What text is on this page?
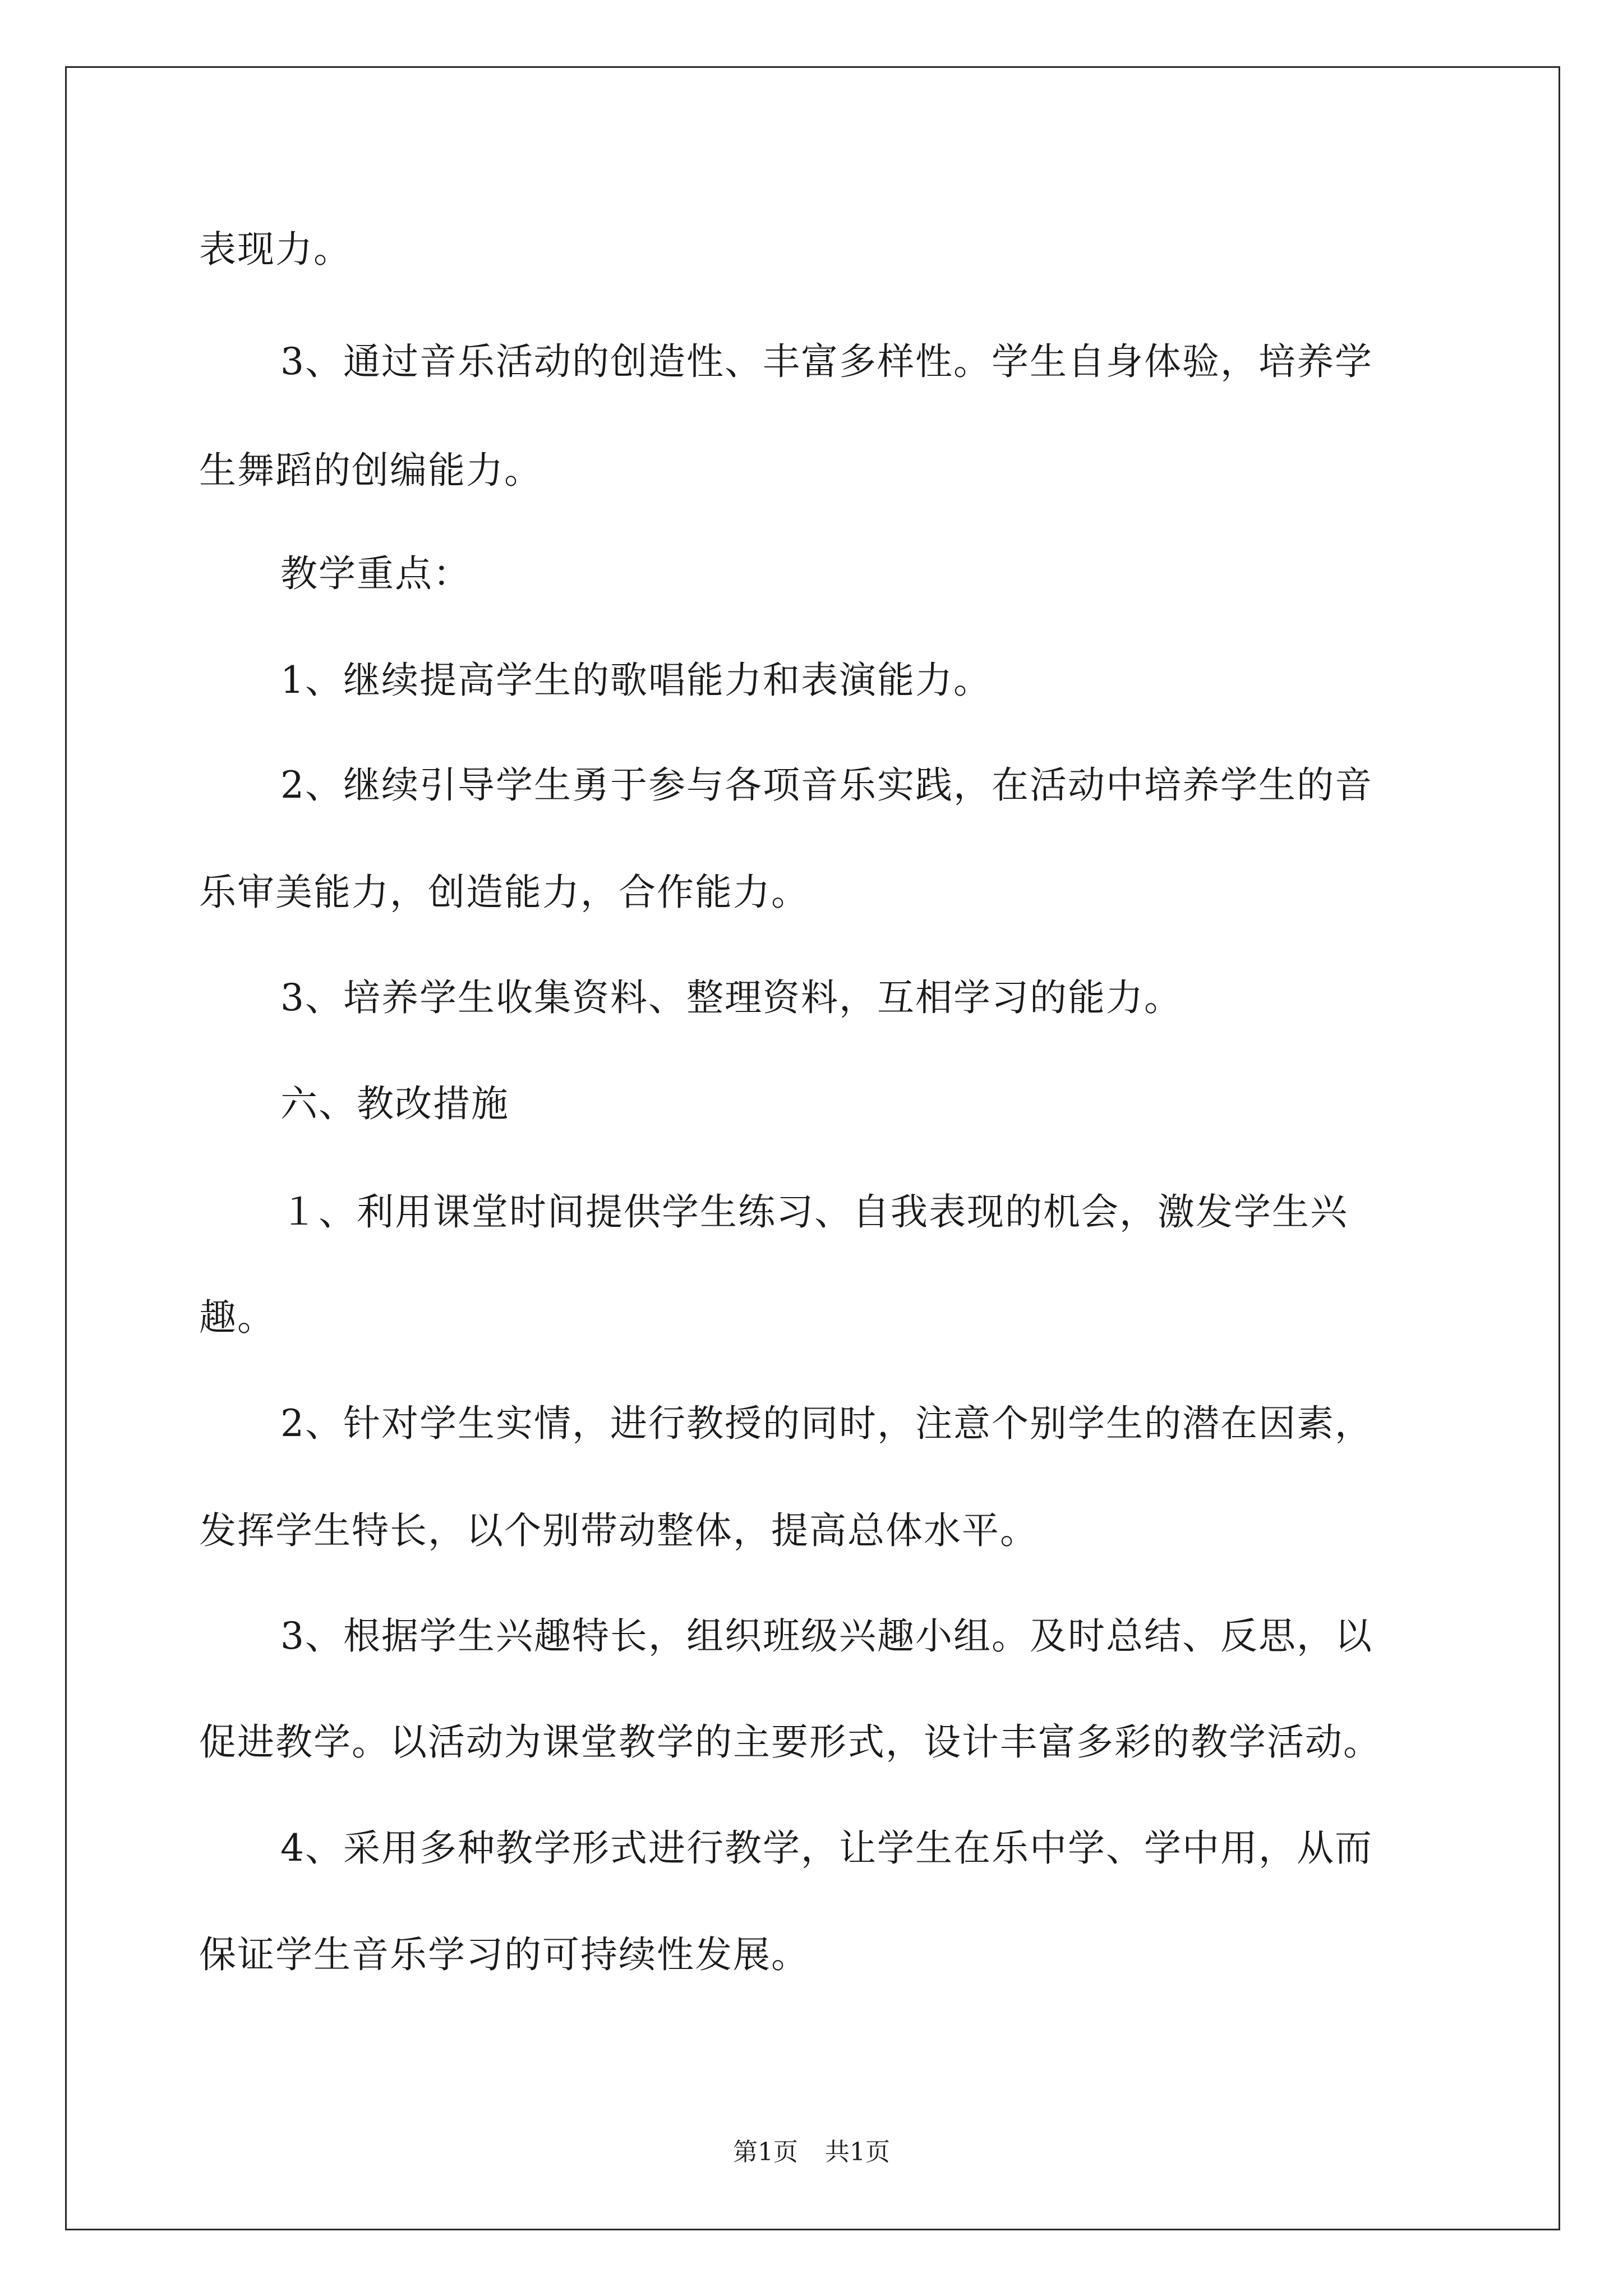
表现力。
3、通过音乐活动的创造性、丰富多样性。学生自身体验，培养学
生舞蹈的创编能力。
教学重点：
1、继续提高学生的歌唱能力和表演能力。
2、继续引导学生勇于参与各项音乐实践，在活动中培养学生的音
乐审美能力，创造能力，合作能力。
3、培养学生收集资料、整理资料，互相学习的能力。
六、教改措施
１、利用课堂时间提供学生练习、自我表现的机会，激发学生兴
趣。
2、针对学生实情，进行教授的同时，注意个别学生的潜在因素，
发挥学生特长，以个别带动整体，提高总体水平。
3、根据学生兴趣特长，组织班级兴趣小组。及时总结、反思，以
促进教学。以活动为课堂教学的主要形式，设计丰富多彩的教学活动。
4、采用多种教学形式进行教学，让学生在乐中学、学中用，从而
保证学生音乐学习的可持续性发展。
第1页 共1页
